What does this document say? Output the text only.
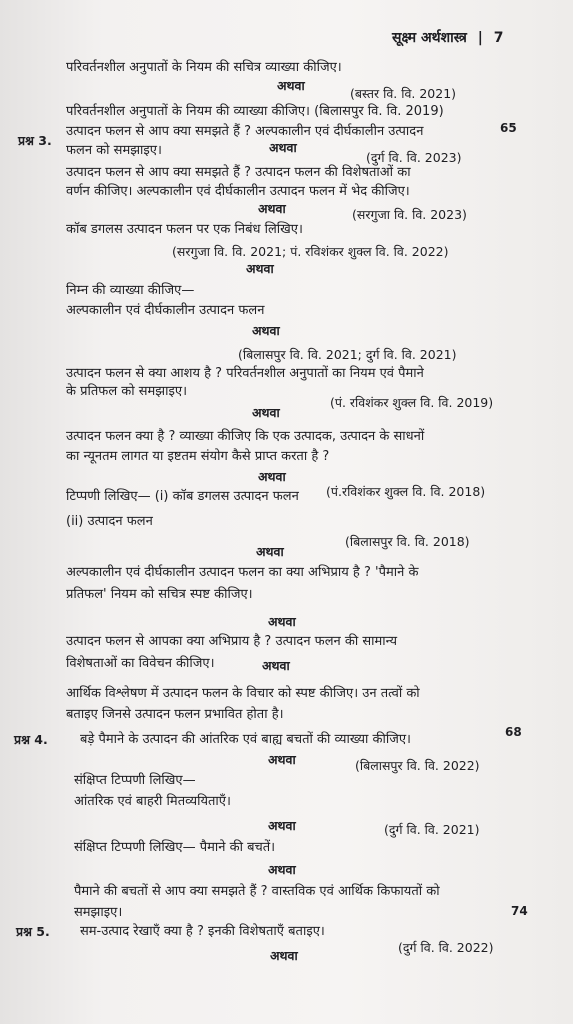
सूक्ष्म अर्थशास्त्र | 7
परिवर्तनशील अनुपातों के नियम की सचित्र व्याख्या कीजिए।
अथवा
(बस्तर वि. वि. 2021)
परिवर्तनशील अनुपातों के नियम की व्याख्या कीजिए। (बिलासपुर वि. वि. 2019)
प्रश्न 3.
उत्पादन फलन से आप क्या समझते हैं ? अल्पकालीन एवं दीर्घकालीन उत्पादन	65
फलन को समझाइए।	अथवा
(दुर्ग वि. वि. 2023)
उत्पादन फलन से आप क्या समझते हैं ? उत्पादन फलन की विशेषताओं का
वर्णन कीजिए। अल्पकालीन एवं दीर्घकालीन उत्पादन फलन में भेद कीजिए।
अथवा	(सरगुजा वि. वि. 2023)
कॉब डगलस उत्पादन फलन पर एक निबंध लिखिए।
(सरगुजा वि. वि. 2021; पं. रविशंकर शुक्ल वि. वि. 2022)
अथवा
निम्न की व्याख्या कीजिए—
अल्पकालीन एवं दीर्घकालीन उत्पादन फलन
अथवा
(बिलासपुर वि. वि. 2021; दुर्ग वि. वि. 2021)
उत्पादन फलन से क्या आशय है ? परिवर्तनशील अनुपातों का नियम एवं पैमाने
के प्रतिफल को समझाइए।
(पं. रविशंकर शुक्ल वि. वि. 2019)
अथवा
उत्पादन फलन क्या है ? व्याख्या कीजिए कि एक उत्पादक, उत्पादन के साधनों
का न्यूनतम लागत या इष्टतम संयोग कैसे प्राप्त करता है ?
अथवा
(पं.रविशंकर शुक्ल वि. वि. 2018)
टिप्पणी लिखिए— (i) कॉब डगलस उत्पादन फलन
(ii) उत्पादन फलन
(बिलासपुर वि. वि. 2018)
अथवा
अल्पकालीन एवं दीर्घकालीन उत्पादन फलन का क्या अभिप्राय है ? 'पैमाने के
प्रतिफल' नियम को सचित्र स्पष्ट कीजिए।
अथवा
उत्पादन फलन से आपका क्या अभिप्राय है ? उत्पादन फलन की सामान्य
विशेषताओं का विवेचन कीजिए।	अथवा
आर्थिक विश्लेषण में उत्पादन फलन के विचार को स्पष्ट कीजिए। उन तत्वों को
बताइए जिनसे उत्पादन फलन प्रभावित होता है।
प्रश्न 4. बड़े पैमाने के उत्पादन की आंतरिक एवं बाह्य बचतों की व्याख्या कीजिए।	68
अथवा	(बिलासपुर वि. वि. 2022)
संक्षिप्त टिप्पणी लिखिए—
आंतरिक एवं बाहरी मितव्ययिताएँ।
अथवा	(दुर्ग वि. वि. 2021)
संक्षिप्त टिप्पणी लिखिए— पैमाने की बचतें।
अथवा
पैमाने की बचतों से आप क्या समझते हैं ? वास्तविक एवं आर्थिक किफायतों को
समझाइए।	74
प्रश्न 5. सम-उत्पाद रेखाएँ क्या है ? इनकी विशेषताएँ बताइए।
अथवा
(दुर्ग वि. वि. 2022)
